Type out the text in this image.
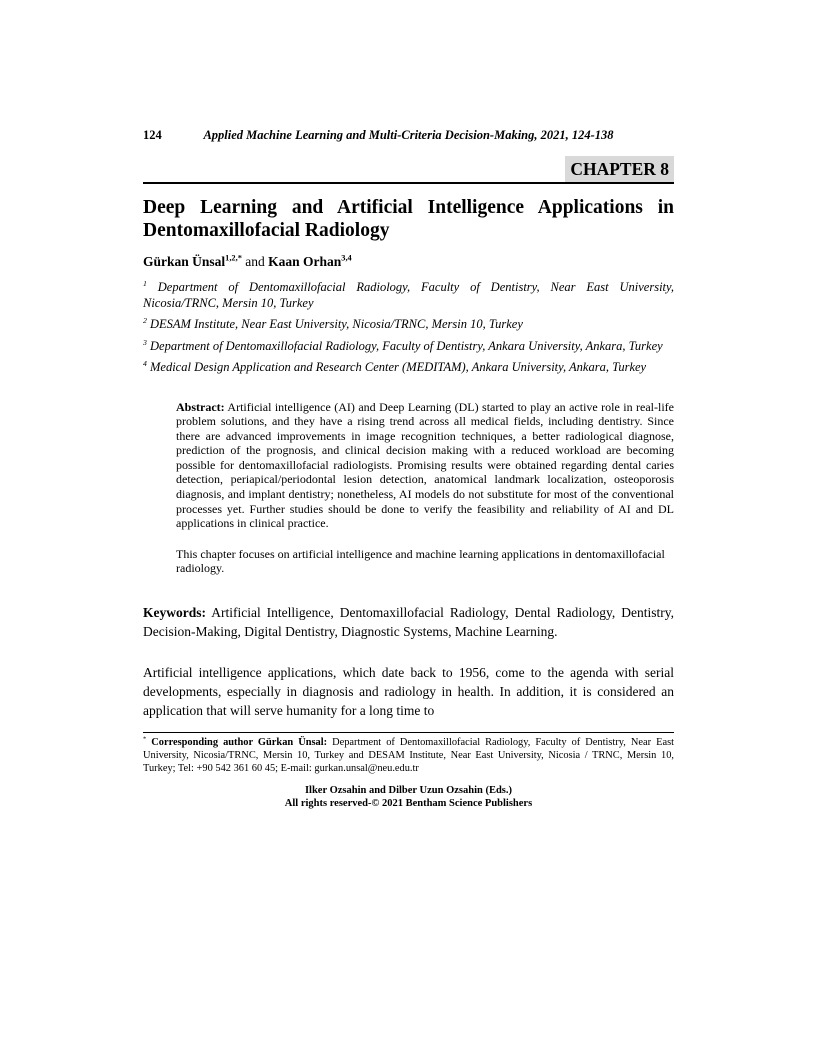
124	Applied Machine Learning and Multi-Criteria Decision-Making, 2021, 124-138
CHAPTER 8
Deep Learning and Artificial Intelligence Applications in Dentomaxillofacial Radiology
Gürkan Ünsal$^{1,2,*}$ and Kaan Orhan$^{3,4}$

$^1$ Department of Dentomaxillofacial Radiology, Faculty of Dentistry, Near East University, Nicosia/TRNC, Mersin 10, Turkey

$^2$ DESAM Institute, Near East University, Nicosia/TRNC, Mersin 10, Turkey

$^3$ Department of Dentomaxillofacial Radiology, Faculty of Dentistry, Ankara University, Ankara, Turkey

$^4$ Medical Design Application and Research Center (MEDITAM), Ankara University, Ankara, Turkey

Abstract: Artificial intelligence (AI) and Deep Learning (DL) started to play an active role in real-life problem solutions, and they have a rising trend across all medical fields, including dentistry. Since there are advanced improvements in image recognition techniques, a better radiological diagnose, prediction of the prognosis, and clinical decision making with a reduced workload are becoming possible for dentomaxillofacial radiologists. Promising results were obtained regarding dental caries detection, periapical/periodontal lesion detection, anatomical landmark localization, osteoporosis diagnosis, and implant dentistry; nonetheless, AI models do not substitute for most of the conventional processes yet. Further studies should be done to verify the feasibility and reliability of AI and DL applications in clinical practice.
This chapter focuses on artificial intelligence and machine learning applications in dentomaxillofacial radiology.
Keywords: Artificial Intelligence, Dentomaxillofacial Radiology, Dental Radiology, Dentistry, Decision-Making, Digital Dentistry, Diagnostic Systems, Machine Learning.
Artificial intelligence applications, which date back to 1956, come to the agenda with serial developments, especially in diagnosis and radiology in health. In addition, it is considered an application that will serve humanity for a long time to
* Corresponding author Gürkan Ünsal: Department of Dentomaxillofacial Radiology, Faculty of Dentistry, Near East University, Nicosia/TRNC, Mersin 10, Turkey and DESAM Institute, Near East University, Nicosia / TRNC, Mersin 10, Turkey; Tel: +90 542 361 60 45; E-mail: gurkan.unsal@neu.edu.tr
Ilker Ozsahin and Dilber Uzun Ozsahin (Eds.)
All rights reserved-© 2021 Bentham Science Publishers
